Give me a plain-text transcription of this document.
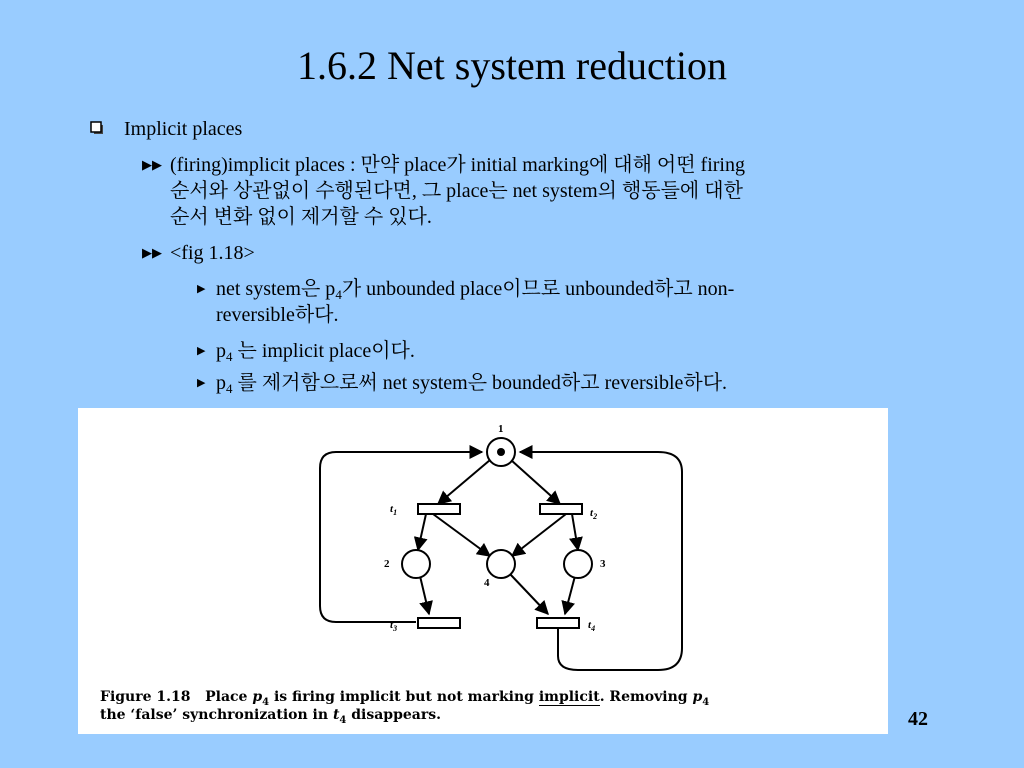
1.6.2 Net system reduction
Implicit places
▶▶ (firing)implicit places : 만약 place가 initial marking에 대해 어떤 firing
순서와 상관없이 수행된다면, 그 place는 net system의 행동들에 대한
순서 변화 없이 제거할 수 있다.
▶▶ <fig 1.18>
▶ net system은 $p_4$가 unbounded place이므로 unbounded하고 non-
reversible하다.
▶ $p_4$ 는 implicit place이다.
▶ $p_4$ 를 제거함으로써 net system은 bounded하고 reversible하다.
1
2	3
4
$t_1$	$t_2$
$t_3$	$t_4$
Figure 1.18 Place $p_4$ is firing implicit but not marking implicit. Removing $p_4$
the ‘false’ synchronization in $t_4$ disappears.	42
